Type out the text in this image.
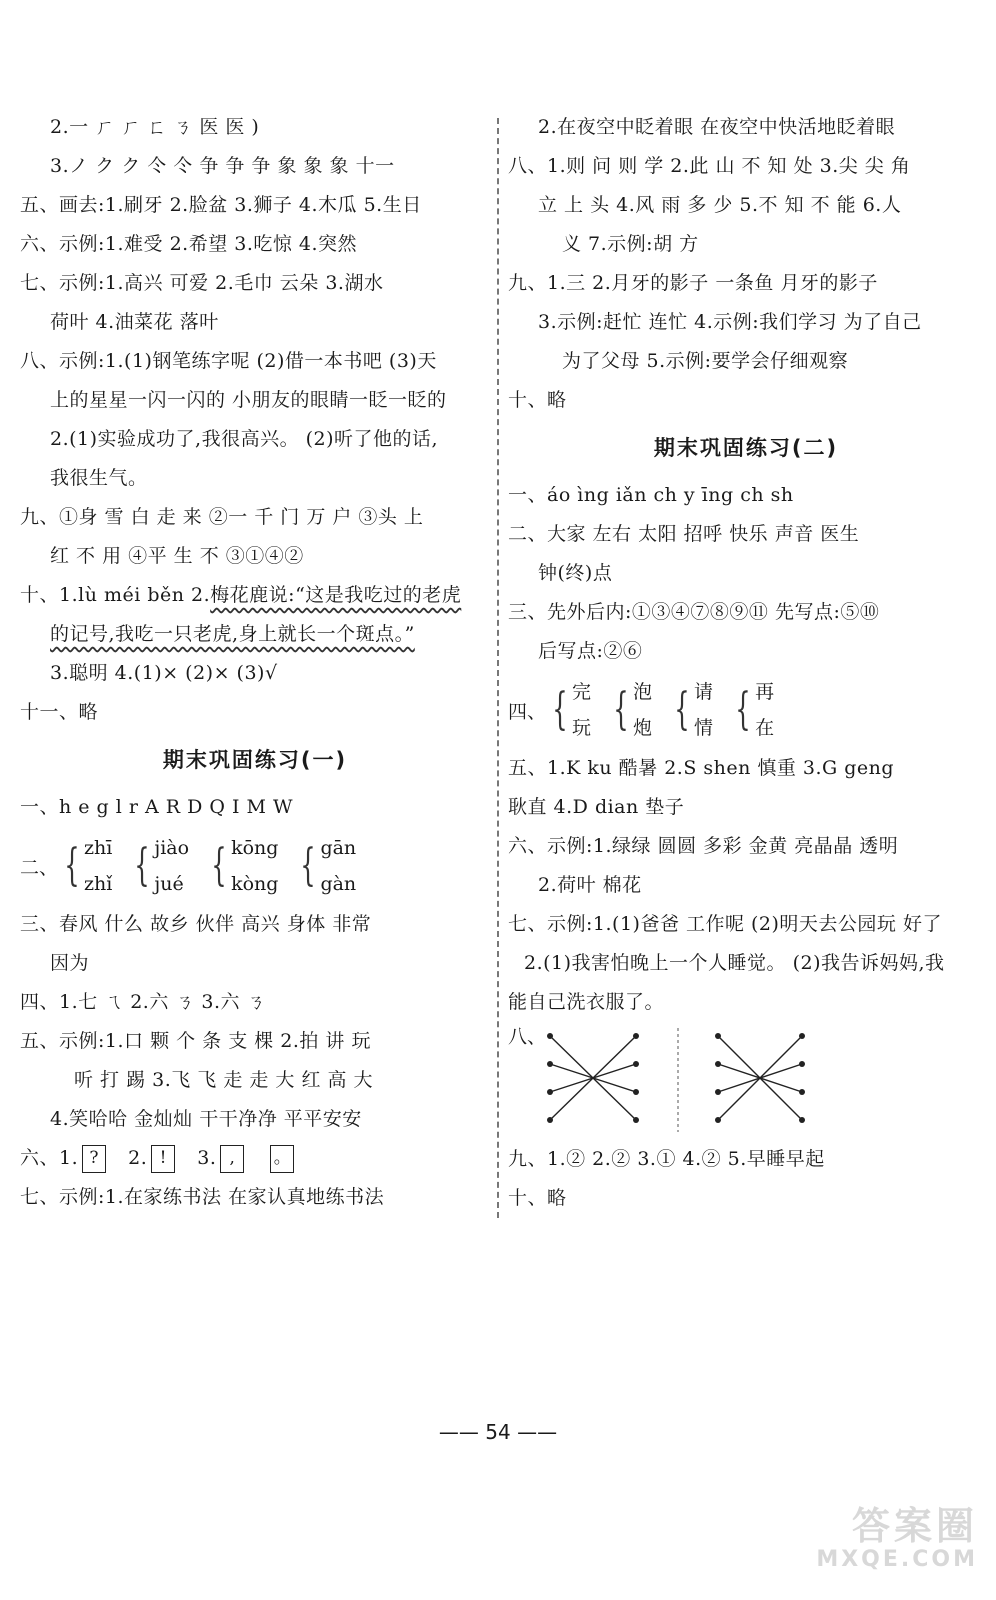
2.一 ㄏ ㄏ ㄈ ㄋ 医 医 )
3.ノ ク ク 仒 仒 争 争 争 象 象 象 十一
五、画去:1.刷牙 2.脸盆 3.狮子 4.木瓜 5.生日
六、示例:1.难受 2.希望 3.吃惊 4.突然
七、示例:1.高兴 可爱 2.毛巾 云朵 3.湖水
荷叶 4.油菜花 落叶
八、示例:1.(1)钢笔练字呢 (2)借一本书吧 (3)天
上的星星一闪一闪的 小朋友的眼睛一眨一眨的
2.(1)实验成功了,我很高兴。 (2)听了他的话,
我很生气。
九、①身 雪 白 走 来 ②一 千 门 万 户 ③头 上
红 不 用 ④平 生 不 ③①④②
十、1.lù méi běn 2.梅花鹿说:“这是我吃过的老虎
的记号,我吃一只老虎,身上就长一个斑点。”
3.聪明 4.(1)× (2)× (3)√
十一、略
期末巩固练习(一)
一、h e g l r A R D Q I M W
二、 { zhī
zhǐ { jiào
jué { kōng
kòng { gān
gàn
三、春风 什么 故乡 伙伴 高兴 身体 非常
因为
四、1.七 ㄟ 2.六 ㄋ 3.六 ㄋ
五、示例:1.口 颗 个 条 支 棵 2.拍 讲 玩
听 打 踢 3.飞 飞 走 走 大 红 高 大
4.笑哈哈 金灿灿 干干净净 平平安安
六、1. ? 2. ! 3. , 。
七、示例:1.在家练书法 在家认真地练书法
2.在夜空中眨着眼 在夜空中快活地眨着眼
八、1.则 问 则 学 2.此 山 不 知 处 3.尖 尖 角
立 上 头 4.风 雨 多 少 5.不 知 不 能 6.人
义 7.示例:胡 方
九、1.三 2.月牙的影子 一条鱼 月牙的影子
3.示例:赶忙 连忙 4.示例:我们学习 为了自己
为了父母 5.示例:要学会仔细观察
十、略
期末巩固练习(二)
一、áo ìng iǎn ch y īng ch sh
二、大家 左右 太阳 招呼 快乐 声音 医生
钟(终)点
三、先外后内:①③④⑦⑧⑨⑪ 先写点:⑤⑩
后写点:②⑥
四、 { 完
玩 { 泡
炮 { 请
情 { 再
在
五、1.K ku 酷暑 2.S shen 慎重 3.G geng
耿直 4.D dian 垫子
六、示例:1.绿绿 圆圆 多彩 金黄 亮晶晶 透明
2.荷叶 棉花
七、示例:1.(1)爸爸 工作呢 (2)明天去公园玩 好了
2.(1)我害怕晚上一个人睡觉。 (2)我告诉妈妈,我
能自己洗衣服了。
八、
九、1.② 2.② 3.① 4.② 5.早睡早起
十、略
—— 54 ——
答案圈
MXQE.COM
